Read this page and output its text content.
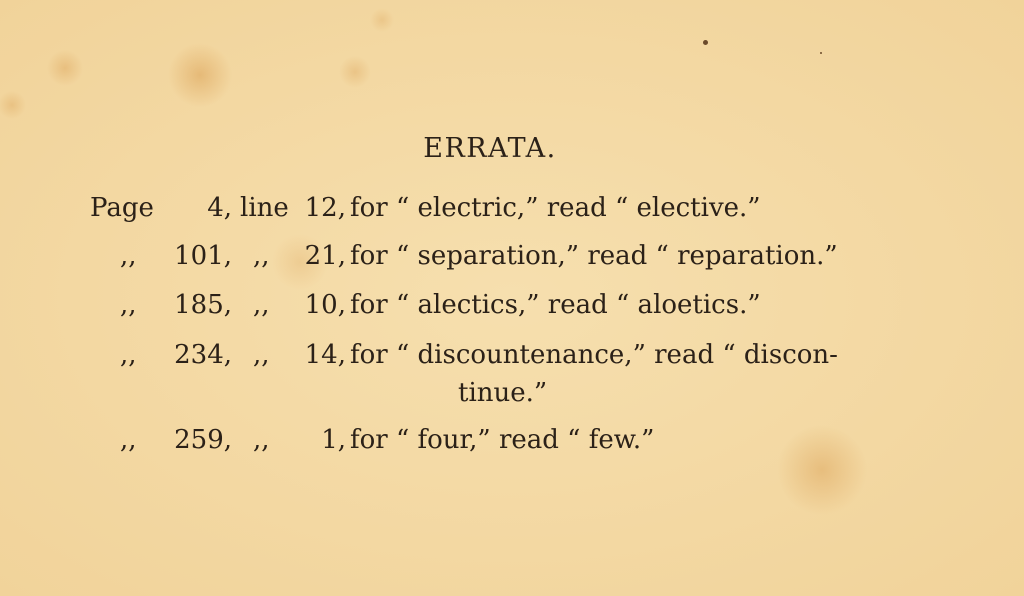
ERRATA.
Page	4, line 12, for “ electric,” read “ elective.”
,,	101, ,,	21, for “ separation,” read “ reparation.”
,,	185, ,,	10, for “ alectics,” read “ aloetics.”
,,	234, ,,	14, for “ discountenance,” read “ discon-
tinue.”
,,	259, ,,	1, for “ four,” read “ few.”
